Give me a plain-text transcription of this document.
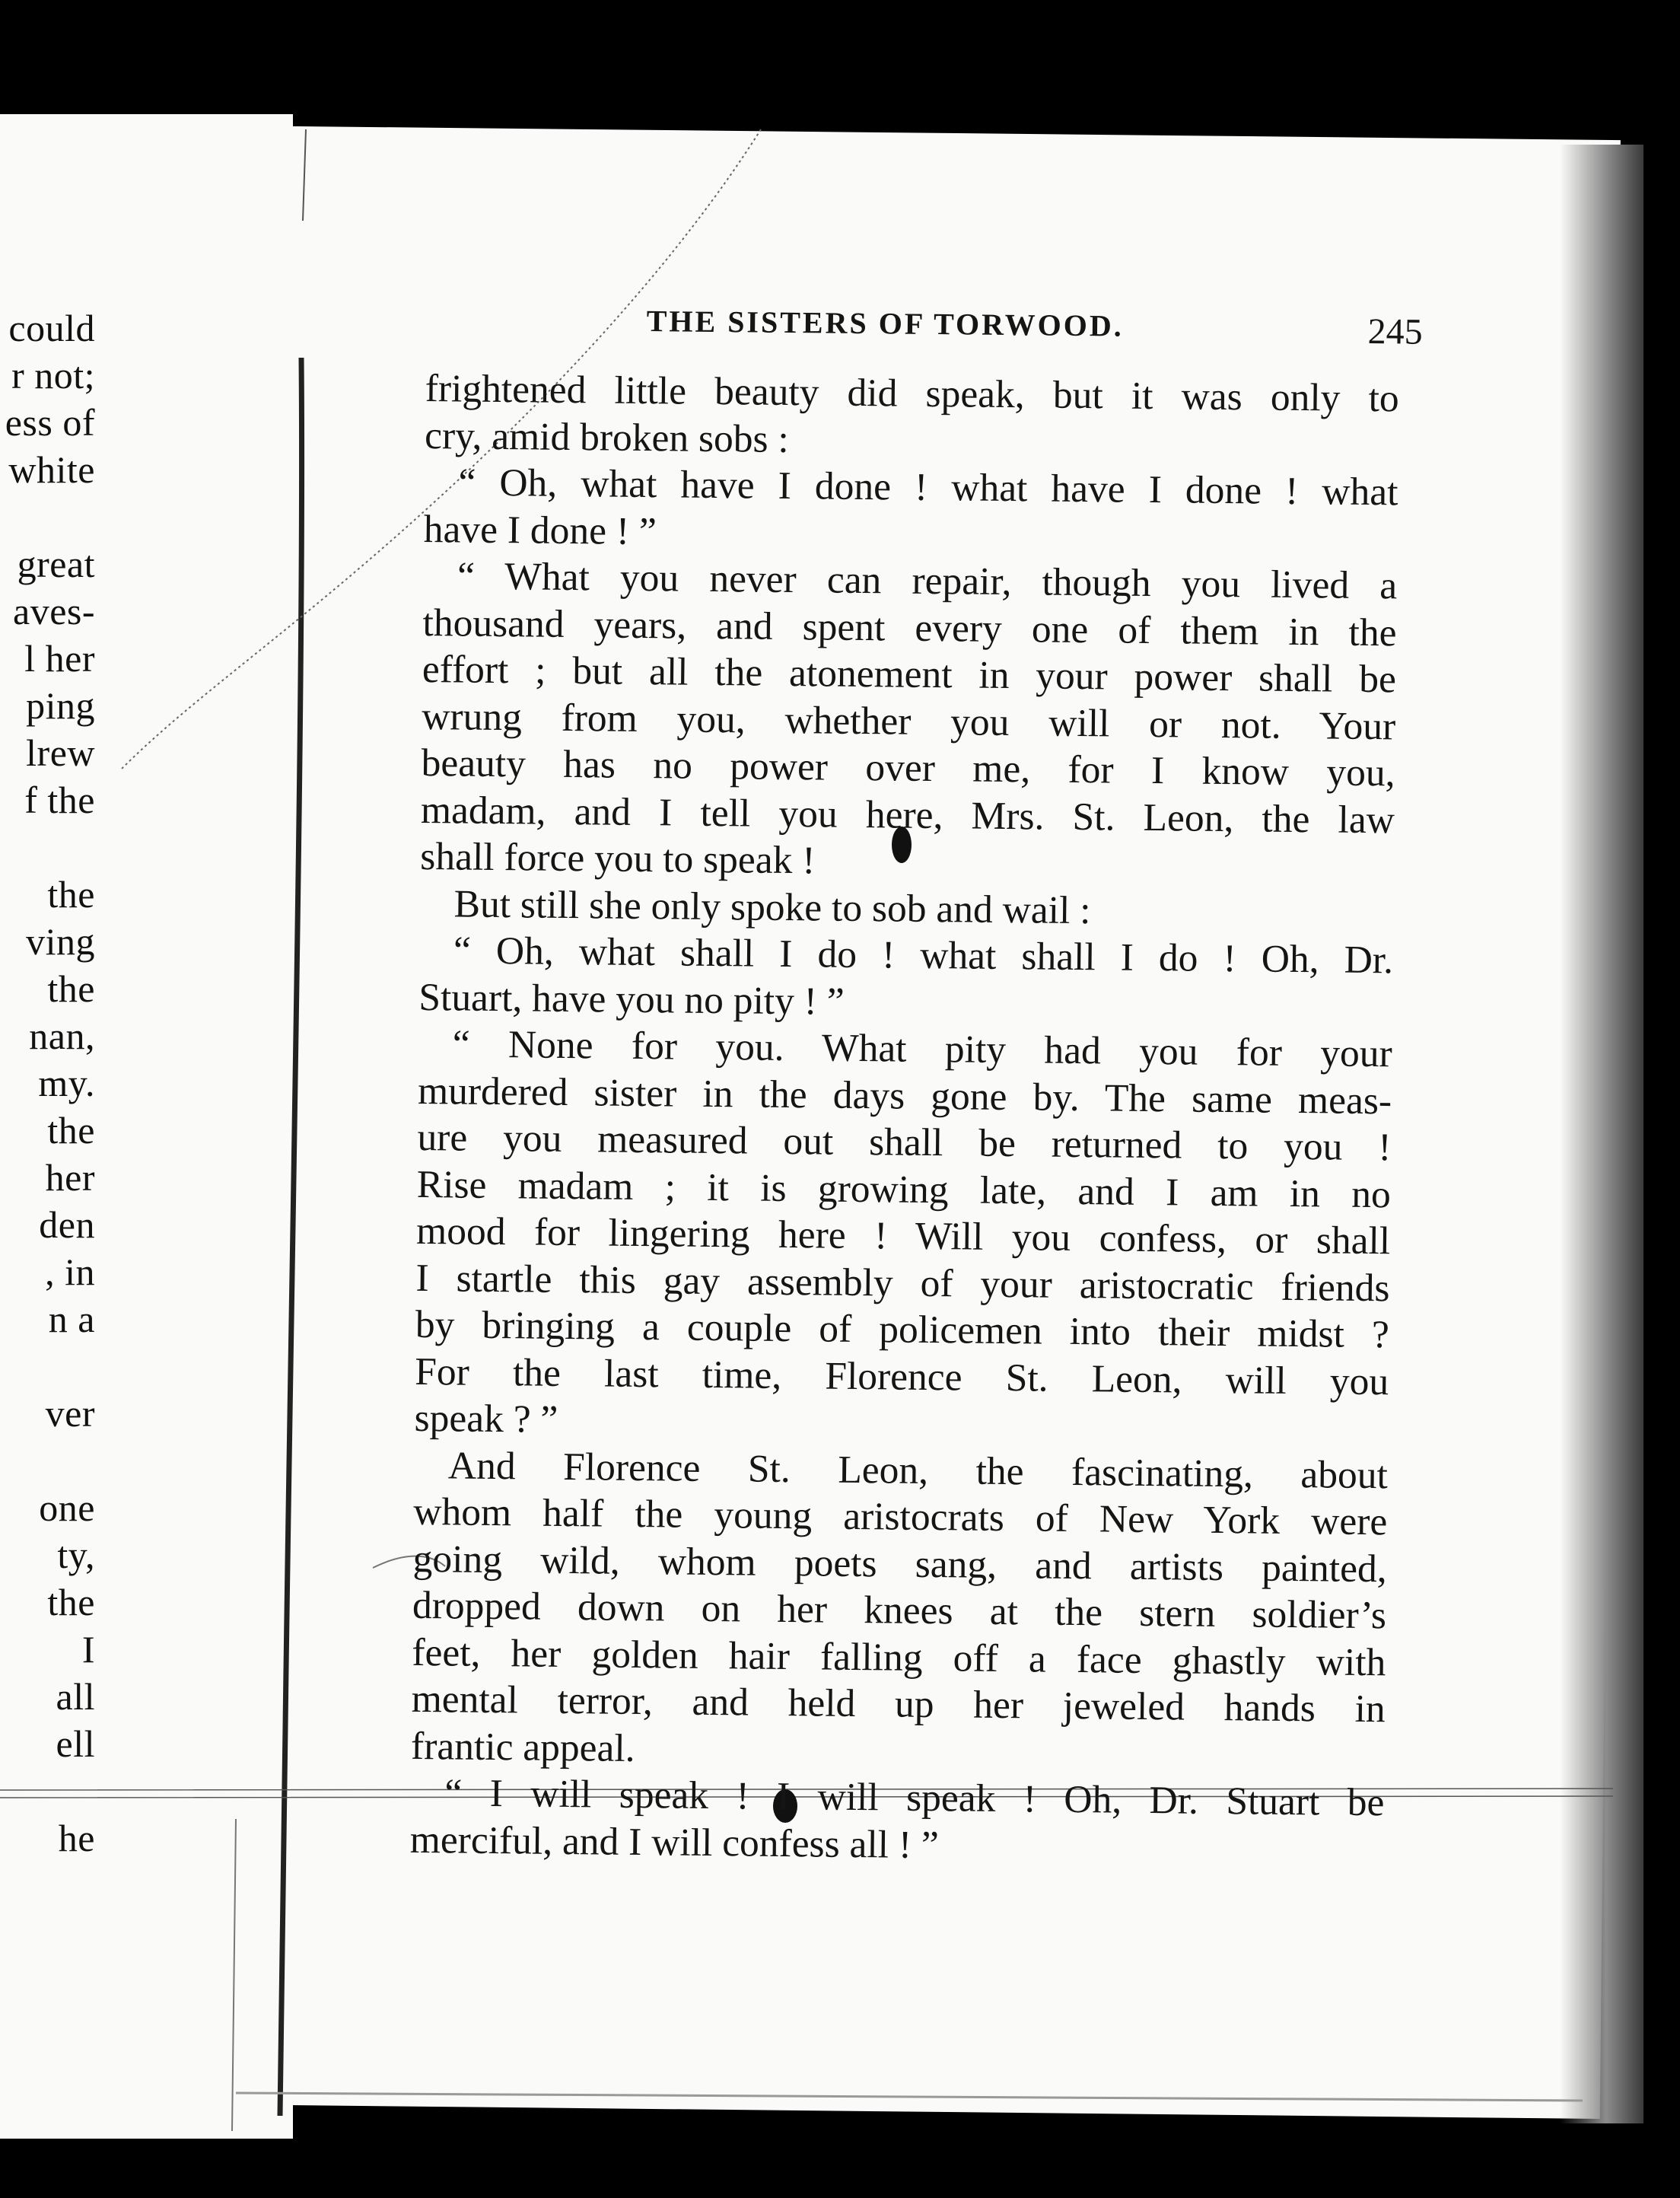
could
r not;
ess of
white
great
aves-
l her
ping
lrew
f the
the
ving
the
nan,
my.
the
her
den
, in
n a
ver
one
ty,
the
I
all
ell
he
THE SISTERS OF TORWOOD.	245
frightened little beauty did speak, but it was only to
cry, amid broken sobs :
“ Oh, what have I done ! what have I done ! what
have I done ! ”
“ What you never can repair, though you lived a
thousand years, and spent every one of them in the
effort ; but all the atonement in your power shall be
wrung from you, whether you will or not. Your
beauty has no power over me, for I know you,
madam, and I tell you here, Mrs. St. Leon, the law
shall force you to speak !
But still she only spoke to sob and wail :
“ Oh, what shall I do ! what shall I do ! Oh, Dr.
Stuart, have you no pity ! ”
“ None for you. What pity had you for your
murdered sister in the days gone by. The same meas-
ure you measured out shall be returned to you !
Rise madam ; it is growing late, and I am in no
mood for lingering here ! Will you confess, or shall
I startle this gay assembly of your aristocratic friends
by bringing a couple of policemen into their midst ?
For the last time, Florence St. Leon, will you
speak ? ”
And Florence St. Leon, the fascinating, about
whom half the young aristocrats of New York were
going wild, whom poets sang, and artists painted,
dropped down on her knees at the stern soldier’s
feet, her golden hair falling off a face ghastly with
mental terror, and held up her jeweled hands in
frantic appeal.
“ I will speak ! I will speak ! Oh, Dr. Stuart be
merciful, and I will confess all ! ”
